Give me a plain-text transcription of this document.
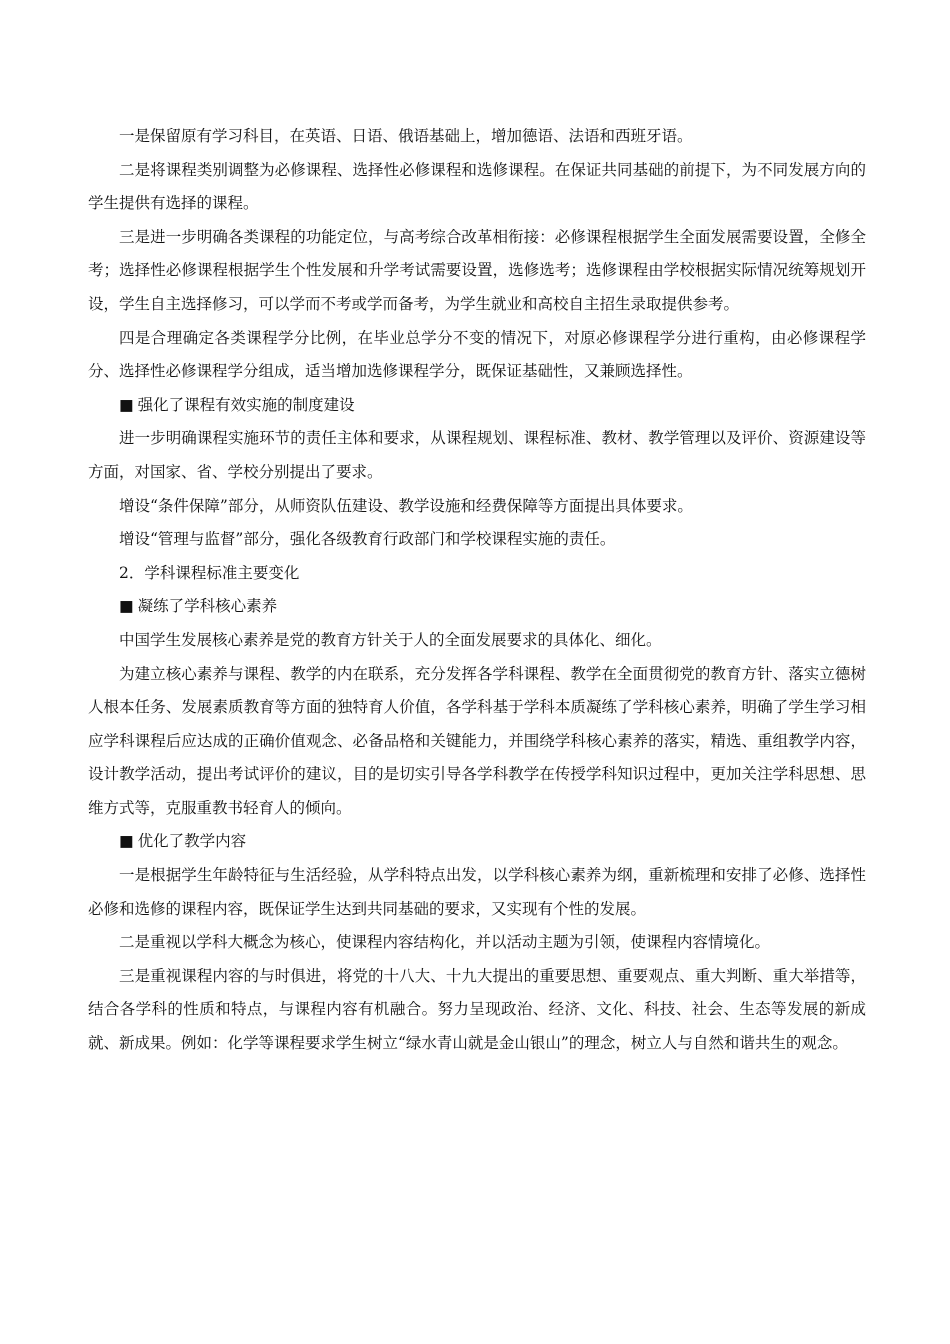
一是保留原有学习科目，在英语、日语、俄语基础上，增加德语、法语和西班牙语。

二是将课程类别调整为必修课程、选择性必修课程和选修课程。在保证共同基础的前提下，为不同发展方向的学生提供有选择的课程。

三是进一步明确各类课程的功能定位，与高考综合改革相衔接：必修课程根据学生全面发展需要设置，全修全考；选择性必修课程根据学生个性发展和升学考试需要设置，选修选考；选修课程由学校根据实际情况统筹规划开设，学生自主选择修习，可以学而不考或学而备考，为学生就业和高校自主招生录取提供参考。

四是合理确定各类课程学分比例，在毕业总学分不变的情况下，对原必修课程学分进行重构，由必修课程学分、选择性必修课程学分组成，适当增加选修课程学分，既保证基础性，又兼顾选择性。

■ 强化了课程有效实施的制度建设

进一步明确课程实施环节的责任主体和要求，从课程规划、课程标准、教材、教学管理以及评价、资源建设等方面，对国家、省、学校分别提出了要求。

增设“条件保障”部分，从师资队伍建设、教学设施和经费保障等方面提出具体要求。

增设“管理与监督”部分，强化各级教育行政部门和学校课程实施的责任。

2．学科课程标准主要变化

■ 凝练了学科核心素养

中国学生发展核心素养是党的教育方针关于人的全面发展要求的具体化、细化。

为建立核心素养与课程、教学的内在联系，充分发挥各学科课程、教学在全面贯彻党的教育方针、落实立德树人根本任务、发展素质教育等方面的独特育人价值，各学科基于学科本质凝练了学科核心素养，明确了学生学习相应学科课程后应达成的正确价值观念、必备品格和关键能力，并围绕学科核心素养的落实，精选、重组教学内容，设计教学活动，提出考试评价的建议，目的是切实引导各学科教学在传授学科知识过程中，更加关注学科思想、思维方式等，克服重教书轻育人的倾向。

■ 优化了教学内容

一是根据学生年龄特征与生活经验，从学科特点出发，以学科核心素养为纲，重新梳理和安排了必修、选择性必修和选修的课程内容，既保证学生达到共同基础的要求，又实现有个性的发展。

二是重视以学科大概念为核心，使课程内容结构化，并以活动主题为引领，使课程内容情境化。

三是重视课程内容的与时俱进，将党的十八大、十九大提出的重要思想、重要观点、重大判断、重大举措等，结合各学科的性质和特点，与课程内容有机融合。努力呈现政治、经济、文化、科技、社会、生态等发展的新成就、新成果。例如：化学等课程要求学生树立“绿水青山就是金山银山”的理念，树立人与自然和谐共生的观念。
